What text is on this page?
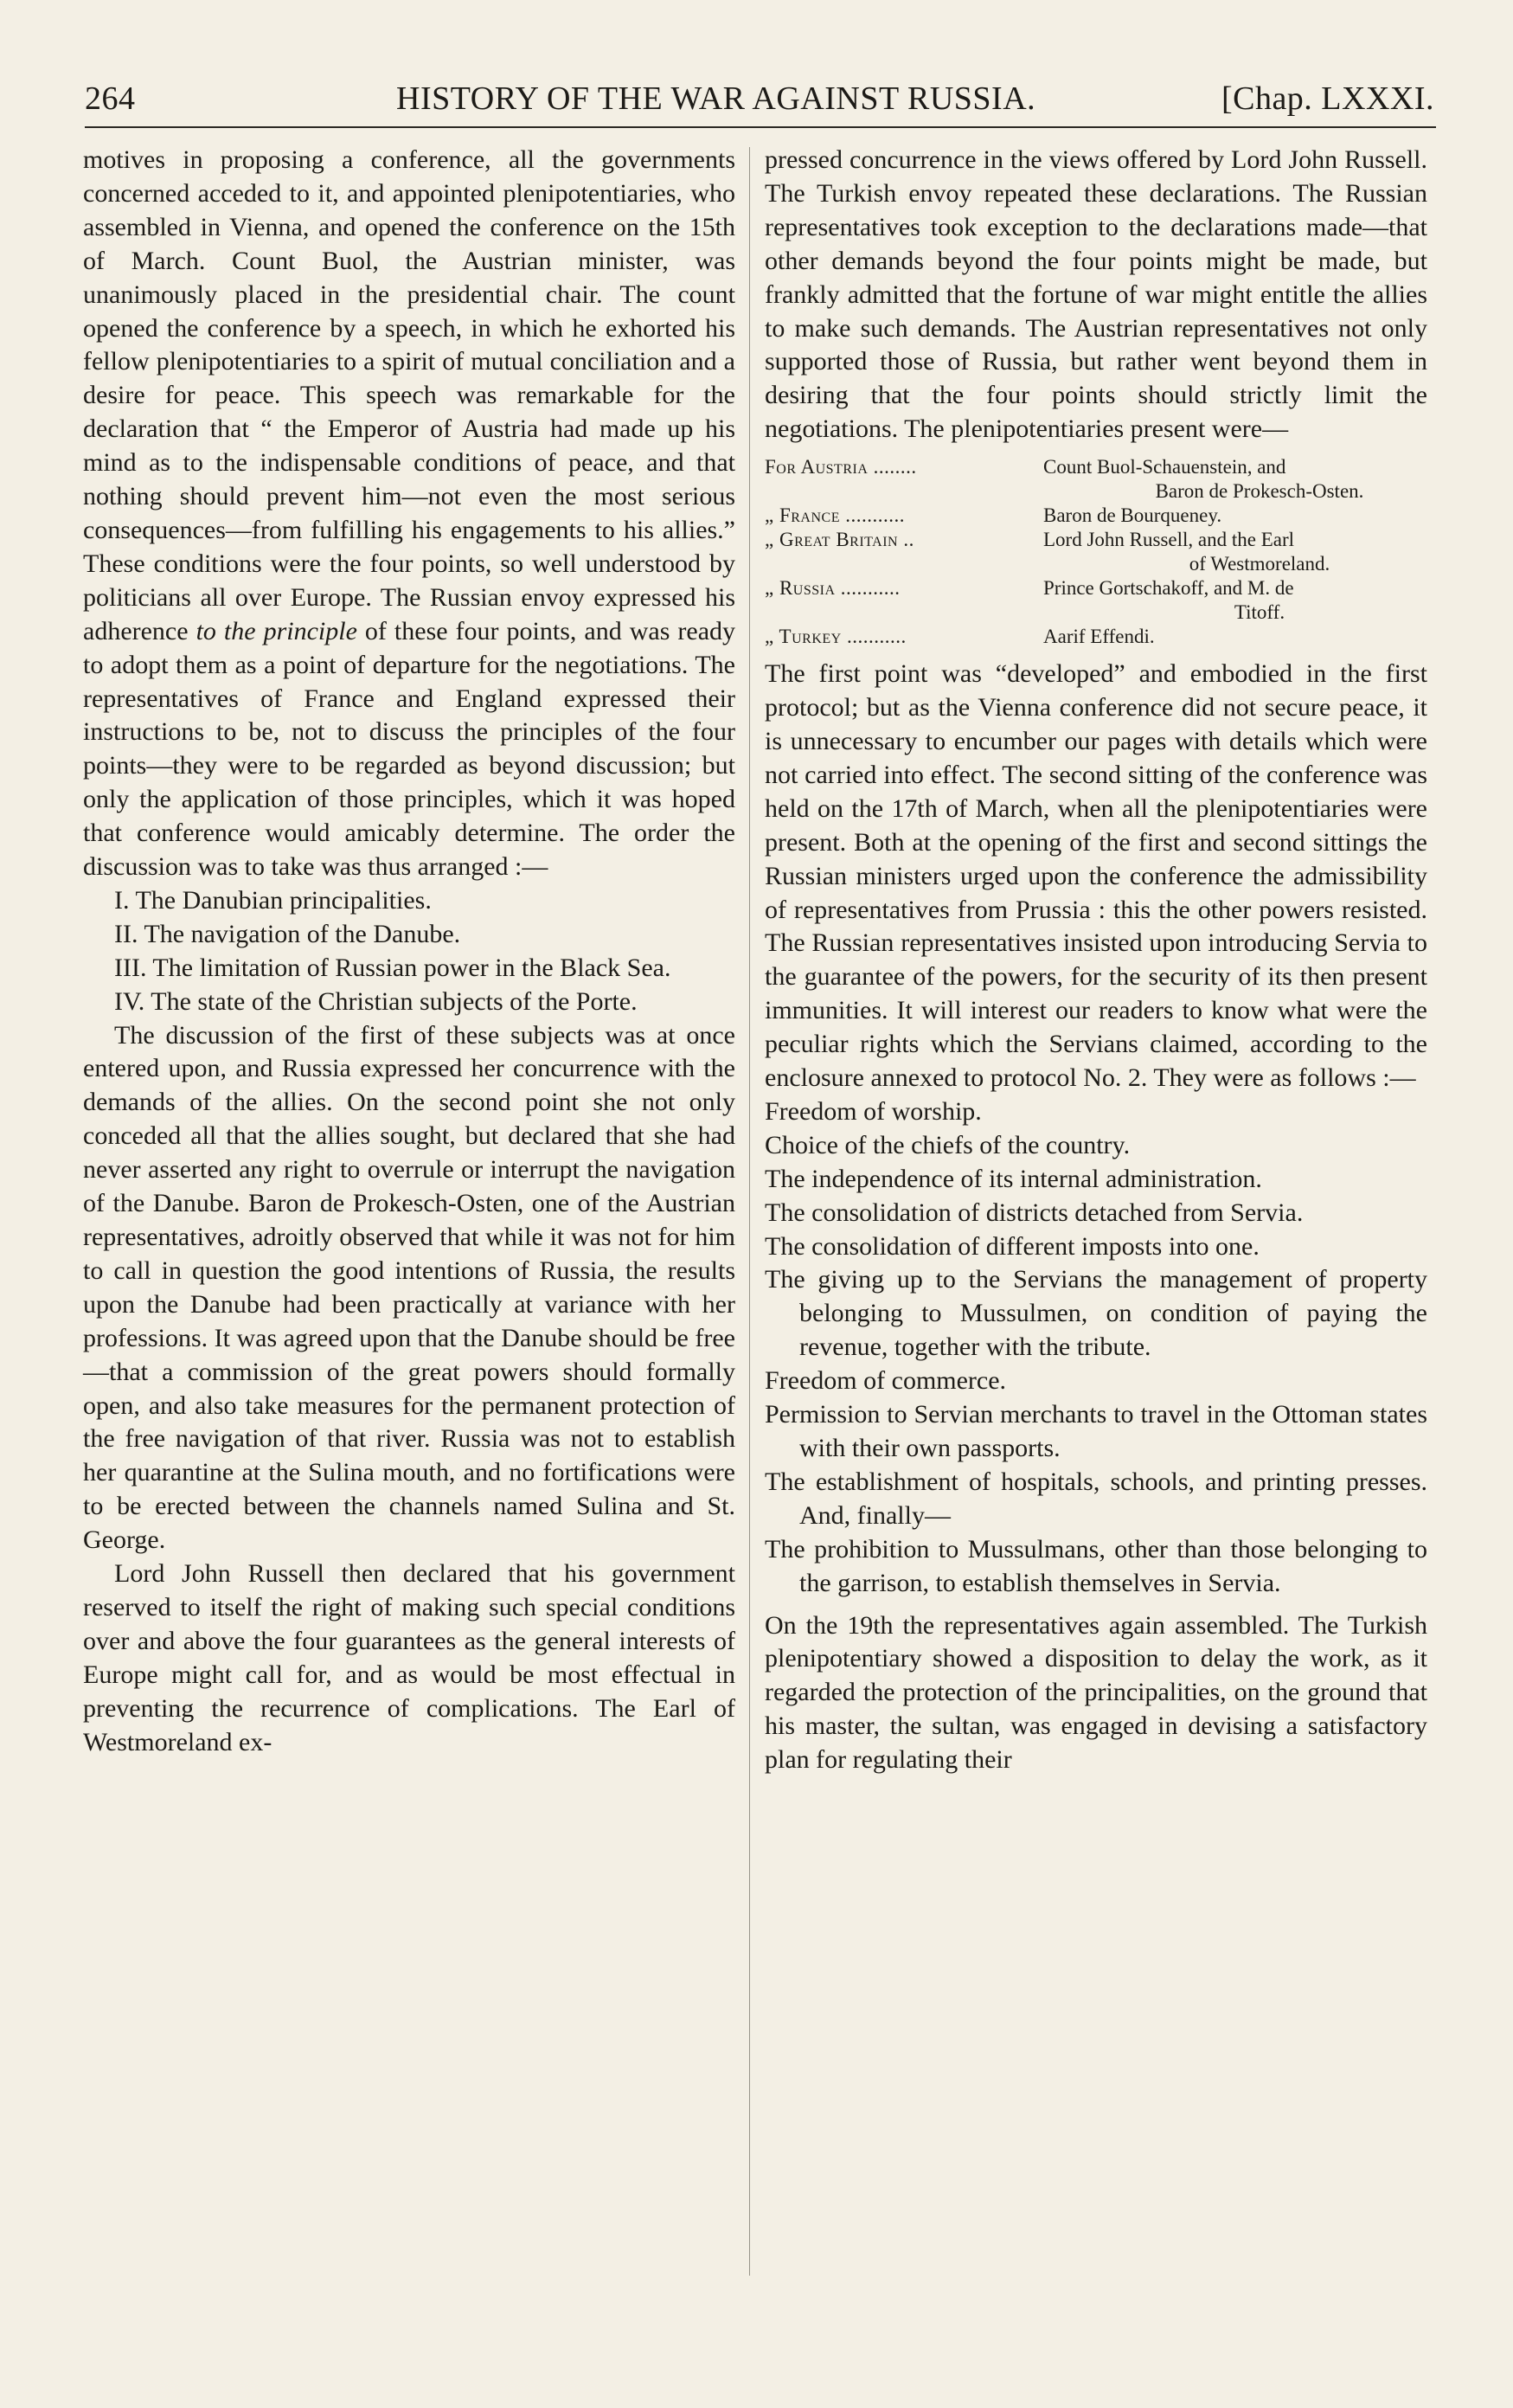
264	HISTORY OF THE WAR AGAINST RUSSIA.	[Chap. LXXXI.

motives in proposing a conference, all the governments concerned acceded to it, and appointed plenipotentiaries, who assembled in Vienna, and opened the conference on the 15th of March. Count Buol, the Austrian minister, was unanimously placed in the presidential chair. The count opened the conference by a speech, in which he exhorted his fellow plenipotentiaries to a spirit of mutual conciliation and a desire for peace. This speech was remarkable for the declaration that “ the Emperor of Austria had made up his mind as to the indispensable conditions of peace, and that nothing should prevent him—not even the most serious consequences—from fulfilling his engagements to his allies.” These conditions were the four points, so well understood by politicians all over Europe. The Russian envoy expressed his adherence to the principle of these four points, and was ready to adopt them as a point of departure for the negotiations. The representatives of France and England expressed their instructions to be, not to discuss the principles of the four points—they were to be regarded as beyond discussion; but only the application of those principles, which it was hoped that conference would amicably determine. The order the discussion was to take was thus arranged :—

I. The Danubian principalities.

II. The navigation of the Danube.

III. The limitation of Russian power in the Black Sea.

IV. The state of the Christian subjects of the Porte.

The discussion of the first of these subjects was at once entered upon, and Russia expressed her concurrence with the demands of the allies. On the second point she not only conceded all that the allies sought, but declared that she had never asserted any right to overrule or interrupt the navigation of the Danube. Baron de Prokesch-Osten, one of the Austrian representatives, adroitly observed that while it was not for him to call in question the good intentions of Russia, the results upon the Danube had been practically at variance with her professions. It was agreed upon that the Danube should be free—that a commission of the great powers should formally open, and also take measures for the permanent protection of the free navigation of that river. Russia was not to establish her quarantine at the Sulina mouth, and no fortifications were to be erected between the channels named Sulina and St. George.

Lord John Russell then declared that his government reserved to itself the right of making such special conditions over and above the four guarantees as the general interests of Europe might call for, and as would be most effectual in preventing the recurrence of complications. The Earl of Westmoreland ex-

pressed concurrence in the views offered by Lord John Russell. The Turkish envoy repeated these declarations. The Russian representatives took exception to the declarations made—that other demands beyond the four points might be made, but frankly admitted that the fortune of war might entitle the allies to make such demands. The Austrian representatives not only supported those of Russia, but rather went beyond them in desiring that the four points should strictly limit the negotiations. The plenipotentiaries present were—

For Austria ........	Count Buol-Schauenstein, and
Baron de Prokesch-Osten.
„ France ...........	Baron de Bourqueney.
„ Great Britain ..	Lord John Russell, and the Earl
of Westmoreland.
„ Russia ...........	Prince Gortschakoff, and M. de
Titoff.
„ Turkey ...........	Aarif Effendi.

The first point was “developed” and embodied in the first protocol; but as the Vienna conference did not secure peace, it is unnecessary to encumber our pages with details which were not carried into effect. The second sitting of the conference was held on the 17th of March, when all the plenipotentiaries were present. Both at the opening of the first and second sittings the Russian ministers urged upon the conference the admissibility of representatives from Prussia : this the other powers resisted. The Russian representatives insisted upon introducing Servia to the guarantee of the powers, for the security of its then present immunities. It will interest our readers to know what were the peculiar rights which the Servians claimed, according to the enclosure annexed to protocol No. 2. They were as follows :—

Freedom of worship.

Choice of the chiefs of the country.

The independence of its internal administration.

The consolidation of districts detached from Servia.

The consolidation of different imposts into one.

The giving up to the Servians the management of property belonging to Mussulmen, on condition of paying the revenue, together with the tribute.

Freedom of commerce.

Permission to Servian merchants to travel in the Ottoman states with their own passports.

The establishment of hospitals, schools, and printing presses. And, finally—

The prohibition to Mussulmans, other than those belonging to the garrison, to establish themselves in Servia.

On the 19th the representatives again assembled. The Turkish plenipotentiary showed a disposition to delay the work, as it regarded the protection of the principalities, on the ground that his master, the sultan, was engaged in devising a satisfactory plan for regulating their
